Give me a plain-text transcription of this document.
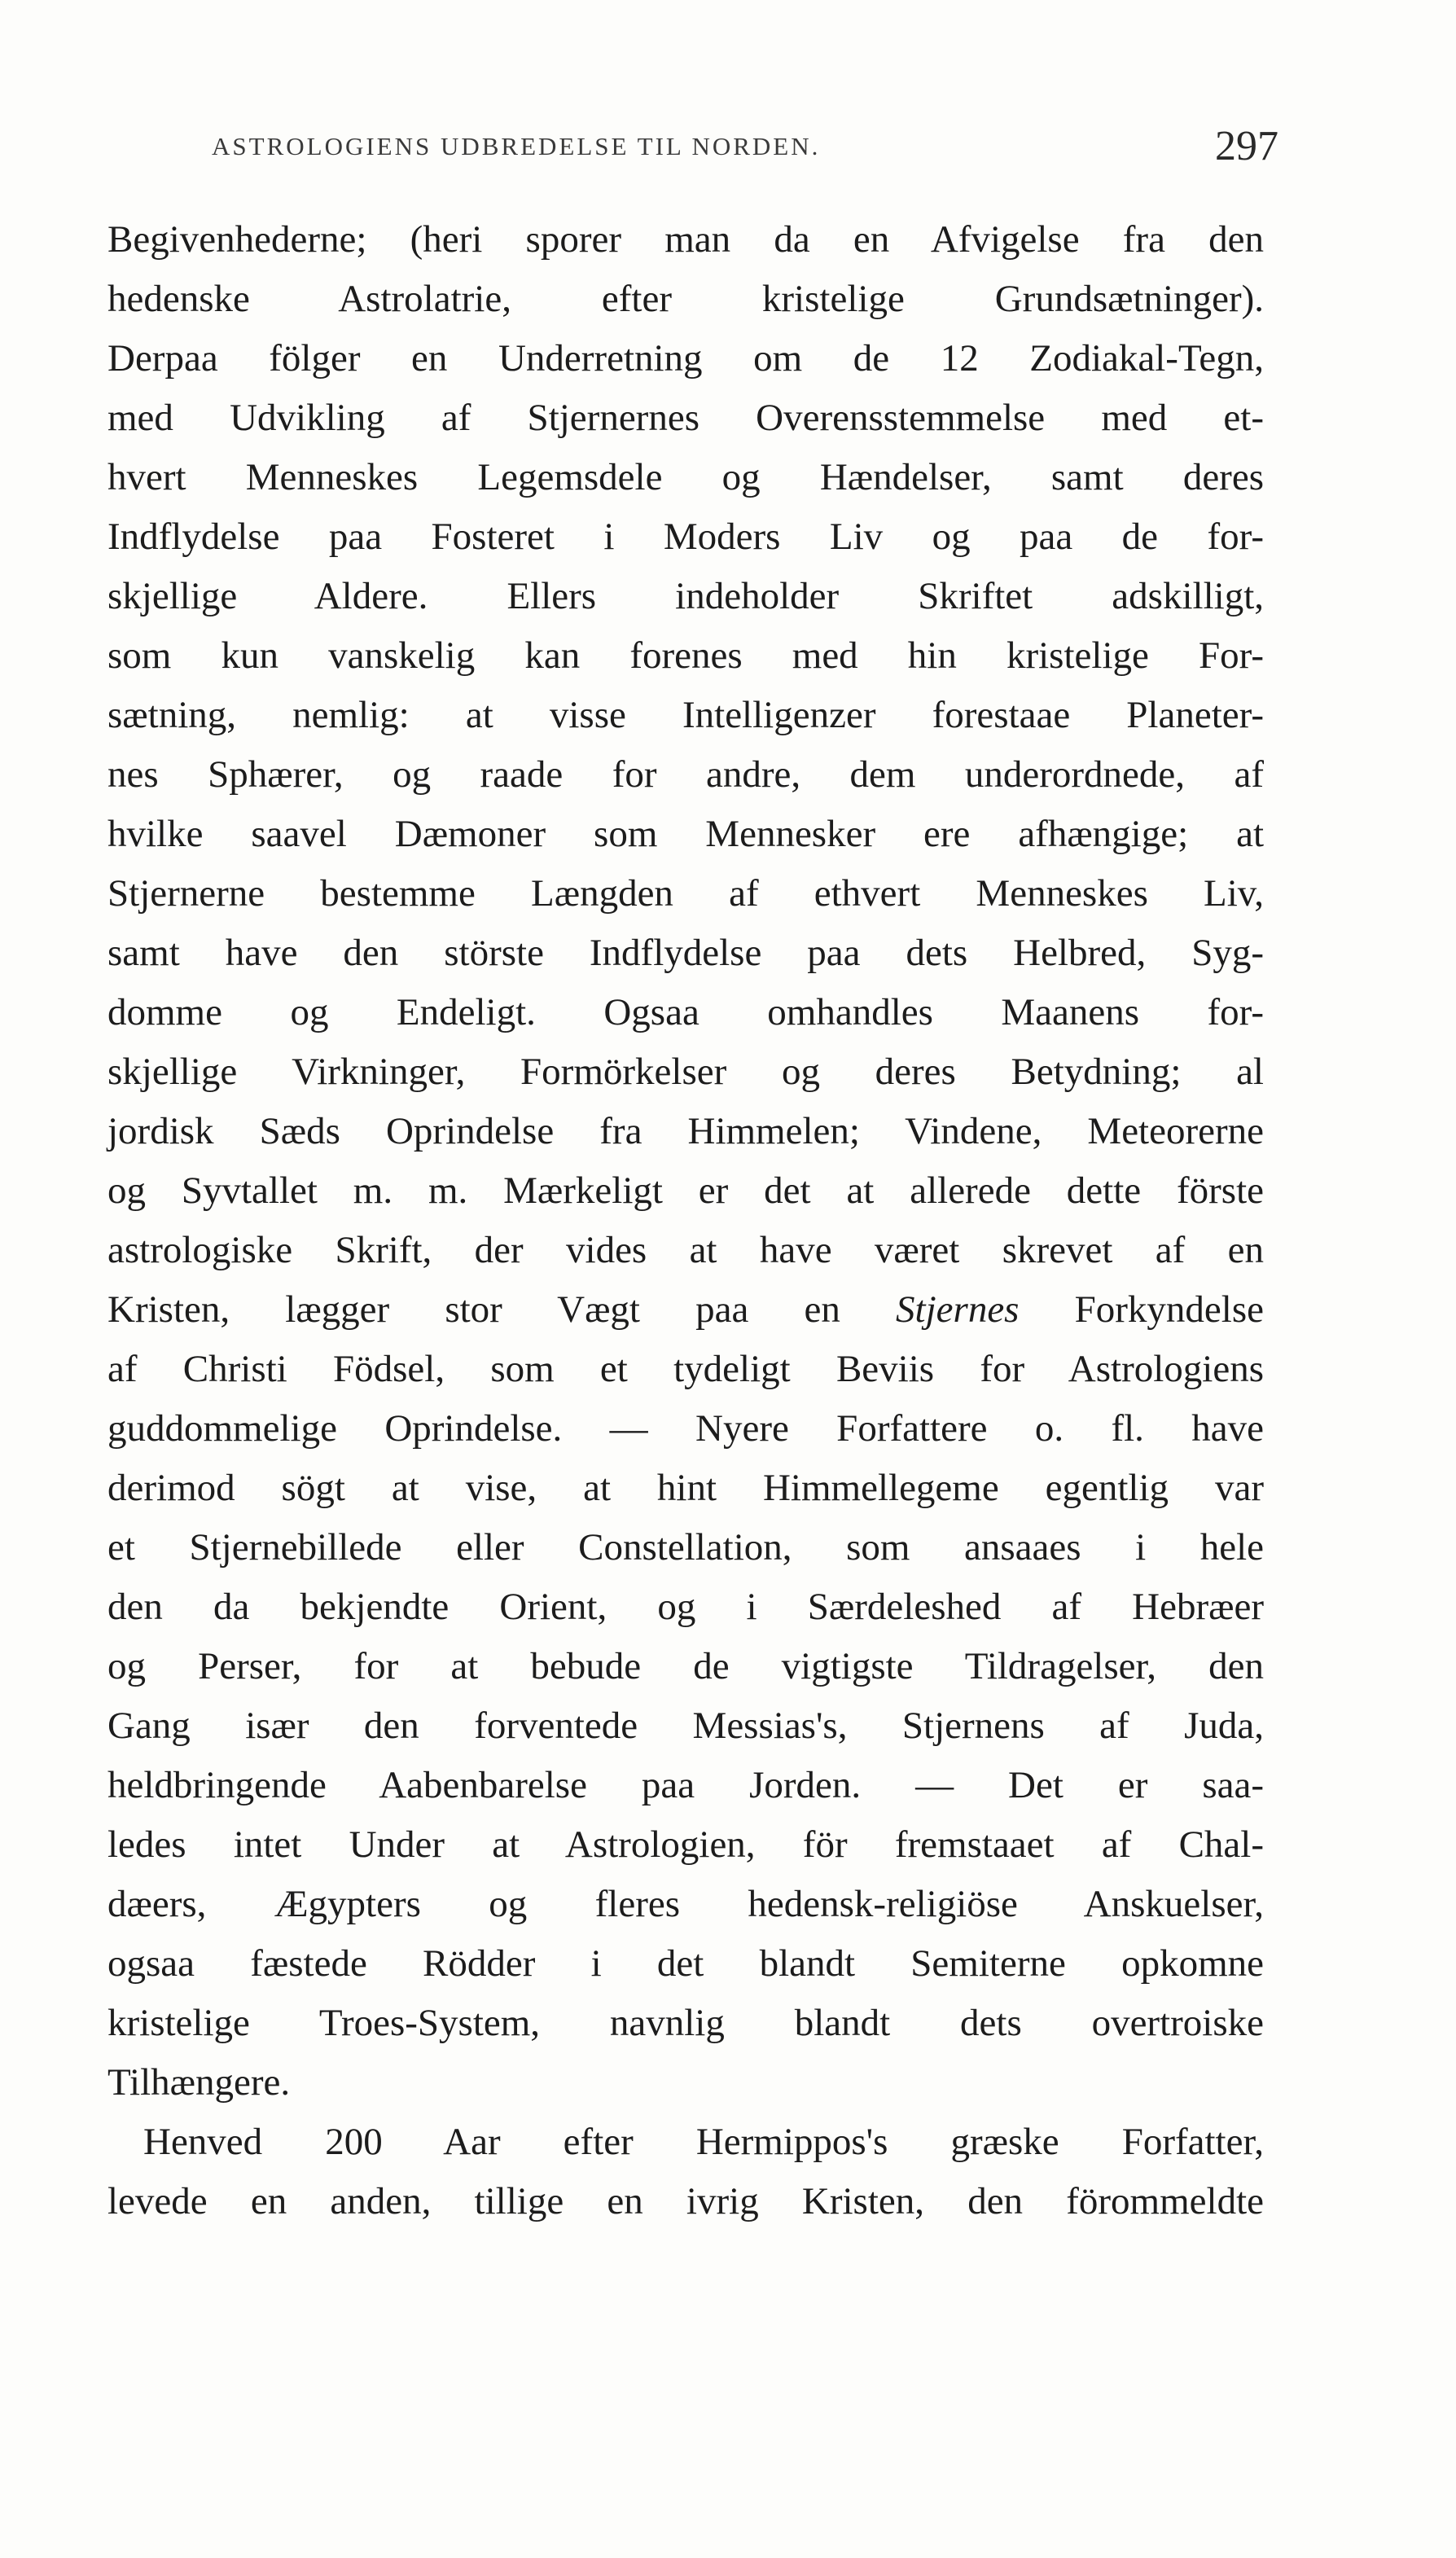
ASTROLOGIENS UDBREDELSE TIL NORDEN.	297
Begivenhederne; (heri sporer man da en Afvigelse fra den
hedenske Astrolatrie, efter kristelige Grundsætninger).
Derpaa fölger en Underretning om de 12 Zodiakal-Tegn,
med Udvikling af Stjernernes Overensstemmelse med et-
hvert Menneskes Legemsdele og Hændelser, samt deres
Indflydelse paa Fosteret i Moders Liv og paa de for-
skjellige Aldere. Ellers indeholder Skriftet adskilligt,
som kun vanskelig kan forenes med hin kristelige For-
sætning, nemlig: at visse Intelligenzer forestaae Planeter-
nes Sphærer, og raade for andre, dem underordnede, af
hvilke saavel Dæmoner som Mennesker ere afhængige; at
Stjernerne bestemme Længden af ethvert Menneskes Liv,
samt have den störste Indflydelse paa dets Helbred, Syg-
domme og Endeligt. Ogsaa omhandles Maanens for-
skjellige Virkninger, Formörkelser og deres Betydning; al
jordisk Sæds Oprindelse fra Himmelen; Vindene, Meteorerne
og Syvtallet m. m. Mærkeligt er det at allerede dette förste
astrologiske Skrift, der vides at have været skrevet af en
Kristen, lægger stor Vægt paa en Stjernes Forkyndelse
af Christi Födsel, som et tydeligt Beviis for Astrologiens
guddommelige Oprindelse. — Nyere Forfattere o. fl. have
derimod sögt at vise, at hint Himmellegeme egentlig var
et Stjernebillede eller Constellation, som ansaaes i hele
den da bekjendte Orient, og i Særdeleshed af Hebræer
og Perser, for at bebude de vigtigste Tildragelser, den
Gang især den forventede Messias's, Stjernens af Juda,
heldbringende Aabenbarelse paa Jorden. — Det er saa-
ledes intet Under at Astrologien, för fremstaaet af Chal-
dæers, Ægypters og fleres hedensk-religiöse Anskuelser,
ogsaa fæstede Rödder i det blandt Semiterne opkomne
kristelige Troes-System, navnlig blandt dets overtroiske
Tilhængere.
Henved 200 Aar efter Hermippos's græske Forfatter,
levede en anden, tillige en ivrig Kristen, den förommeldte
